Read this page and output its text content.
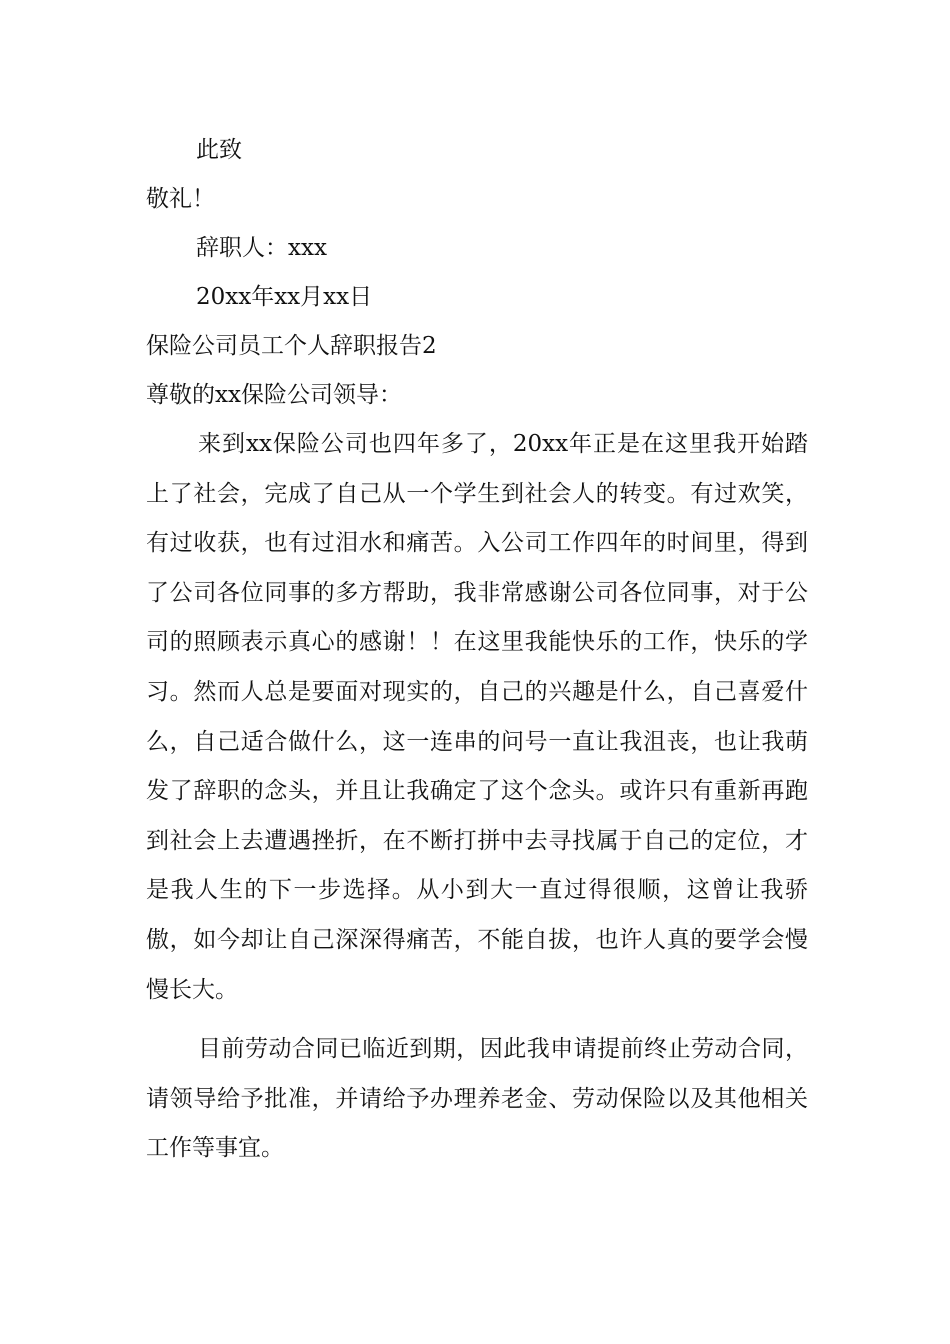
此致
敬礼！
辞职人：xxx
20xx年xx月xx日
保险公司员工个人辞职报告2
尊敬的xx保险公司领导：

来到xx保险公司也四年多了，20xx年正是在这里我开始踏上了社会，完成了自己从一个学生到社会人的转变。有过欢笑，有过收获，也有过泪水和痛苦。入公司工作四年的时间里，得到了公司各位同事的多方帮助，我非常感谢公司各位同事，对于公司的照顾表示真心的感谢！！在这里我能快乐的工作，快乐的学习。然而人总是要面对现实的，自己的兴趣是什么，自己喜爱什么，自己适合做什么，这一连串的问号一直让我沮丧，也让我萌发了辞职的念头，并且让我确定了这个念头。或许只有重新再跑到社会上去遭遇挫折，在不断打拼中去寻找属于自己的定位，才是我人生的下一步选择。从小到大一直过得很顺，这曾让我骄傲，如今却让自己深深得痛苦，不能自拔，也许人真的要学会慢慢长大。

目前劳动合同已临近到期，因此我申请提前终止劳动合同，请领导给予批准，并请给予办理养老金、劳动保险以及其他相关工作等事宜。
